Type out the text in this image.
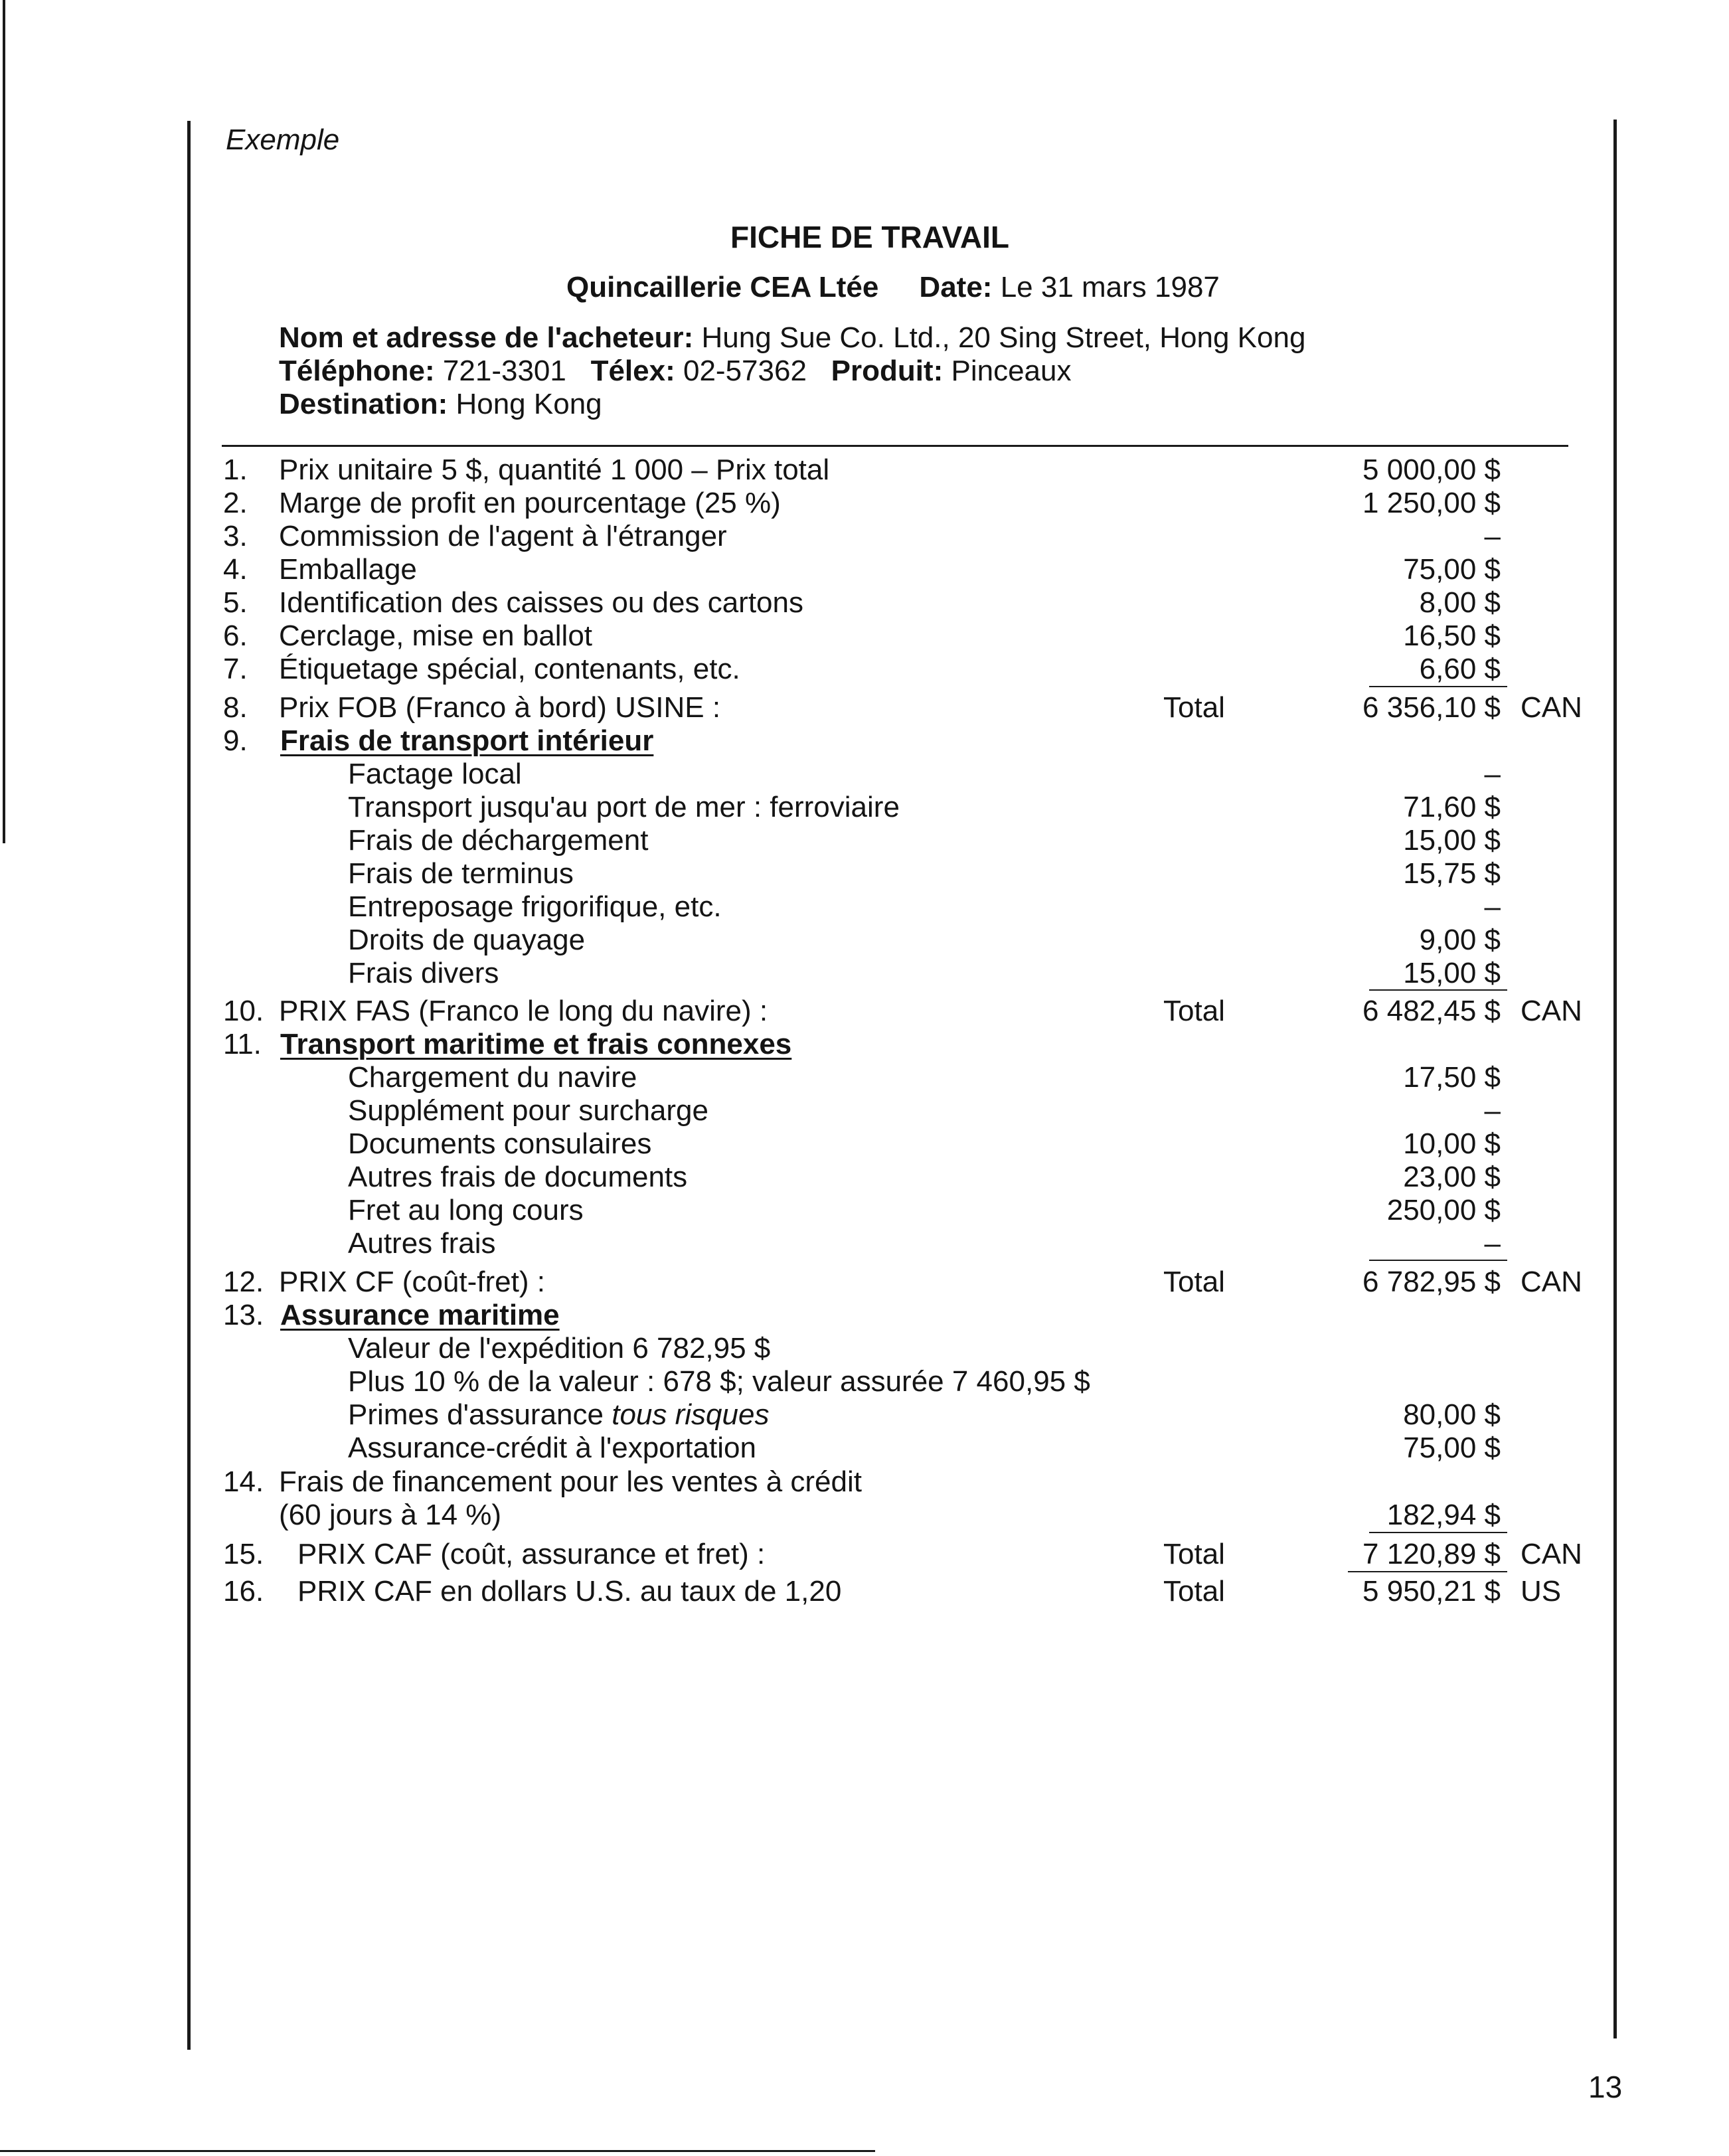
Exemple
FICHE DE TRAVAIL
Quincaillerie CEA Ltée Date: Le 31 mars 1987
Nom et adresse de l'acheteur: Hung Sue Co. Ltd., 20 Sing Street, Hong Kong
Téléphone: 721-3301 Télex: 02-57362 Produit: Pinceaux
Destination: Hong Kong
1.	Prix unitaire 5 $, quantité 1 000 – Prix total	5 000,00 $
2.	Marge de profit en pourcentage (25 %)	1 250,00 $
3.	Commission de l'agent à l'étranger	–
4.	Emballage	75,00 $
5.	Identification des caisses ou des cartons	8,00 $
6.	Cerclage, mise en ballot	16,50 $
7.	Étiquetage spécial, contenants, etc.	6,60 $
8.	Prix FOB (Franco à bord) USINE :	Total	6 356,10 $ CAN
9.	Frais de transport intérieur
Factage local	–
Transport jusqu'au port de mer : ferroviaire	71,60 $
Frais de déchargement	15,00 $
Frais de terminus	15,75 $
Entreposage frigorifique, etc.	–
Droits de quayage	9,00 $
Frais divers	15,00 $
10. PRIX FAS (Franco le long du navire) :	Total	6 482,45 $ CAN
11. Transport maritime et frais connexes
Chargement du navire	17,50 $
Supplément pour surcharge	–
Documents consulaires	10,00 $
Autres frais de documents	23,00 $
Fret au long cours	250,00 $
Autres frais	–
12. PRIX CF (coût-fret) :	Total	6 782,95 $ CAN
13. Assurance maritime
Valeur de l'expédition 6 782,95 $
Plus 10 % de la valeur : 678 $; valeur assurée 7 460,95 $
Primes d'assurance tous risques	80,00 $
Assurance-crédit à l'exportation	75,00 $
14. Frais de financement pour les ventes à crédit
(60 jours à 14 %)	182,94 $
15.	PRIX CAF (coût, assurance et fret) :	Total	7 120,89 $ CAN
16.	PRIX CAF en dollars U.S. au taux de 1,20	Total	5 950,21 $ US
13
